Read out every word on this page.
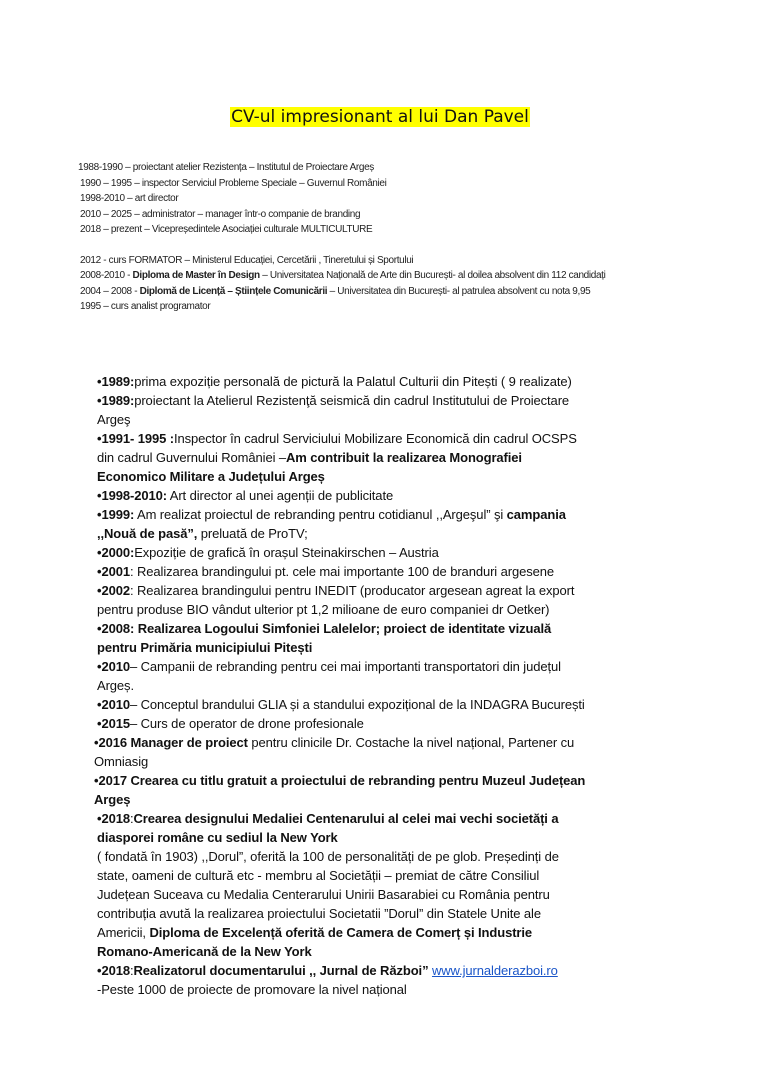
CV-ul impresionant al lui Dan Pavel
1988-1990 – proiectant atelier Rezistența – Institutul de Proiectare Argeș
1990 – 1995 – inspector Serviciul Probleme Speciale – Guvernul României
1998-2010 – art director
2010 – 2025 – administrator – manager într-o companie de branding
2018 – prezent – Vicepreședintele Asociației culturale MULTICULTURE
2012 - curs FORMATOR – Ministerul Educației, Cercetării , Tineretului și Sportului
2008-2010 - Diploma de Master în Design – Universitatea Națională de Arte din București- al doilea absolvent din 112 candidați
2004 – 2008 - Diplomă de Licență – Științele Comunicării – Universitatea din București- al patrulea absolvent cu nota 9,95
1995 – curs analist programator
•1989:prima expoziție personală de pictură la Palatul Culturii din Pitești ( 9 realizate)
•1989:proiectant la Atelierul Rezistenţă seismică din cadrul Institutului de Proiectare
Argeş
•1991- 1995 :Inspector în cadrul Serviciului Mobilizare Economică din cadrul OCSPS
din cadrul Guvernului României –Am contribuit la realizarea Monografiei
Economico Militare a Județului Argeș
•1998-2010: Art director al unei agenții de publicitate
•1999: Am realizat proiectul de rebranding pentru cotidianul ,,Argeşul” şi campania
,,Nouă de pasă”, preluată de ProTV;
•2000:Expoziție de grafică în orașul Steinakirschen – Austria
•2001: Realizarea brandingului pt. cele mai importante 100 de branduri argesene
•2002: Realizarea brandingului pentru INEDIT (producator argesean agreat la export
pentru produse BIO vândut ulterior pt 1,2 milioane de euro companiei dr Oetker)
•2008: Realizarea Logoului Simfoniei Lalelelor; proiect de identitate vizuală
pentru Primăria municipiului Pitești
•2010– Campanii de rebranding pentru cei mai importanti transportatori din județul
Argeș.
•2010– Conceptul brandului GLIA și a standului expozițional de la INDAGRA București
•2015– Curs de operator de drone profesionale
•2016 Manager de proiect pentru clinicile Dr. Costache la nivel național, Partener cu
Omniasig
•2017 Crearea cu titlu gratuit a proiectului de rebranding pentru Muzeul Județean
Argeș
•2018:Crearea designului Medaliei Centenarului al celei mai vechi societăți a
diasporei române cu sediul la New York
( fondată în 1903) ,,Dorul”, oferită la 100 de personalități de pe glob. Președinți de
state, oameni de cultură etc - membru al Societății – premiat de către Consiliul
Județean Suceava cu Medalia Centerarului Unirii Basarabiei cu România pentru
contribuția avută la realizarea proiectului Societatii ”Dorul” din Statele Unite ale
Americii, Diploma de Excelență oferită de Camera de Comerț și Industrie
Romano-Americană de la New York
•2018:Realizatorul documentarului ,, Jurnal de Război” www.jurnalderazboi.ro
-Peste 1000 de proiecte de promovare la nivel național
